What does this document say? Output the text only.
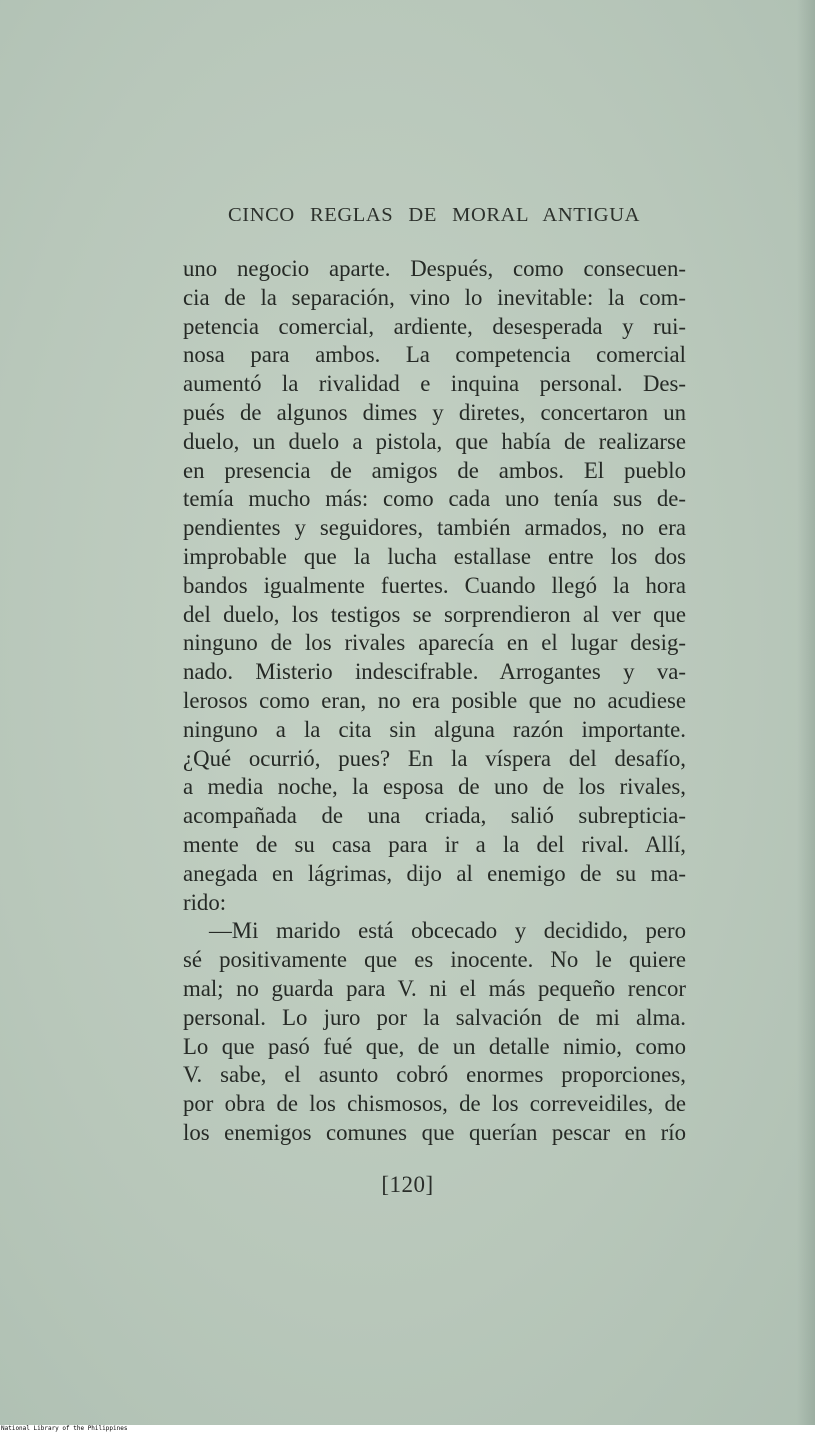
CINCO REGLAS DE MORAL ANTIGUA
uno negocio aparte. Después, como consecuen-
cia de la separación, vino lo inevitable: la com-
petencia comercial, ardiente, desesperada y rui-
nosa para ambos. La competencia comercial
aumentó la rivalidad e inquina personal. Des-
pués de algunos dimes y diretes, concertaron un
duelo, un duelo a pistola, que había de realizarse
en presencia de amigos de ambos. El pueblo
temía mucho más: como cada uno tenía sus de-
pendientes y seguidores, también armados, no era
improbable que la lucha estallase entre los dos
bandos igualmente fuertes. Cuando llegó la hora
del duelo, los testigos se sorprendieron al ver que
ninguno de los rivales aparecía en el lugar desig-
nado. Misterio indescifrable. Arrogantes y va-
lerosos como eran, no era posible que no acudiese
ninguno a la cita sin alguna razón importante.
¿Qué ocurrió, pues? En la víspera del desafío,
a media noche, la esposa de uno de los rivales,
acompañada de una criada, salió subrepticia-
mente de su casa para ir a la del rival. Allí,
anegada en lágrimas, dijo al enemigo de su ma-
rido:
—Mi marido está obcecado y decidido, pero
sé positivamente que es inocente. No le quiere
mal; no guarda para V. ni el más pequeño rencor
personal. Lo juro por la salvación de mi alma.
Lo que pasó fué que, de un detalle nimio, como
V. sabe, el asunto cobró enormes proporciones,
por obra de los chismosos, de los correveidiles, de
los enemigos comunes que querían pescar en río
[120]
National Library of the Philippines
